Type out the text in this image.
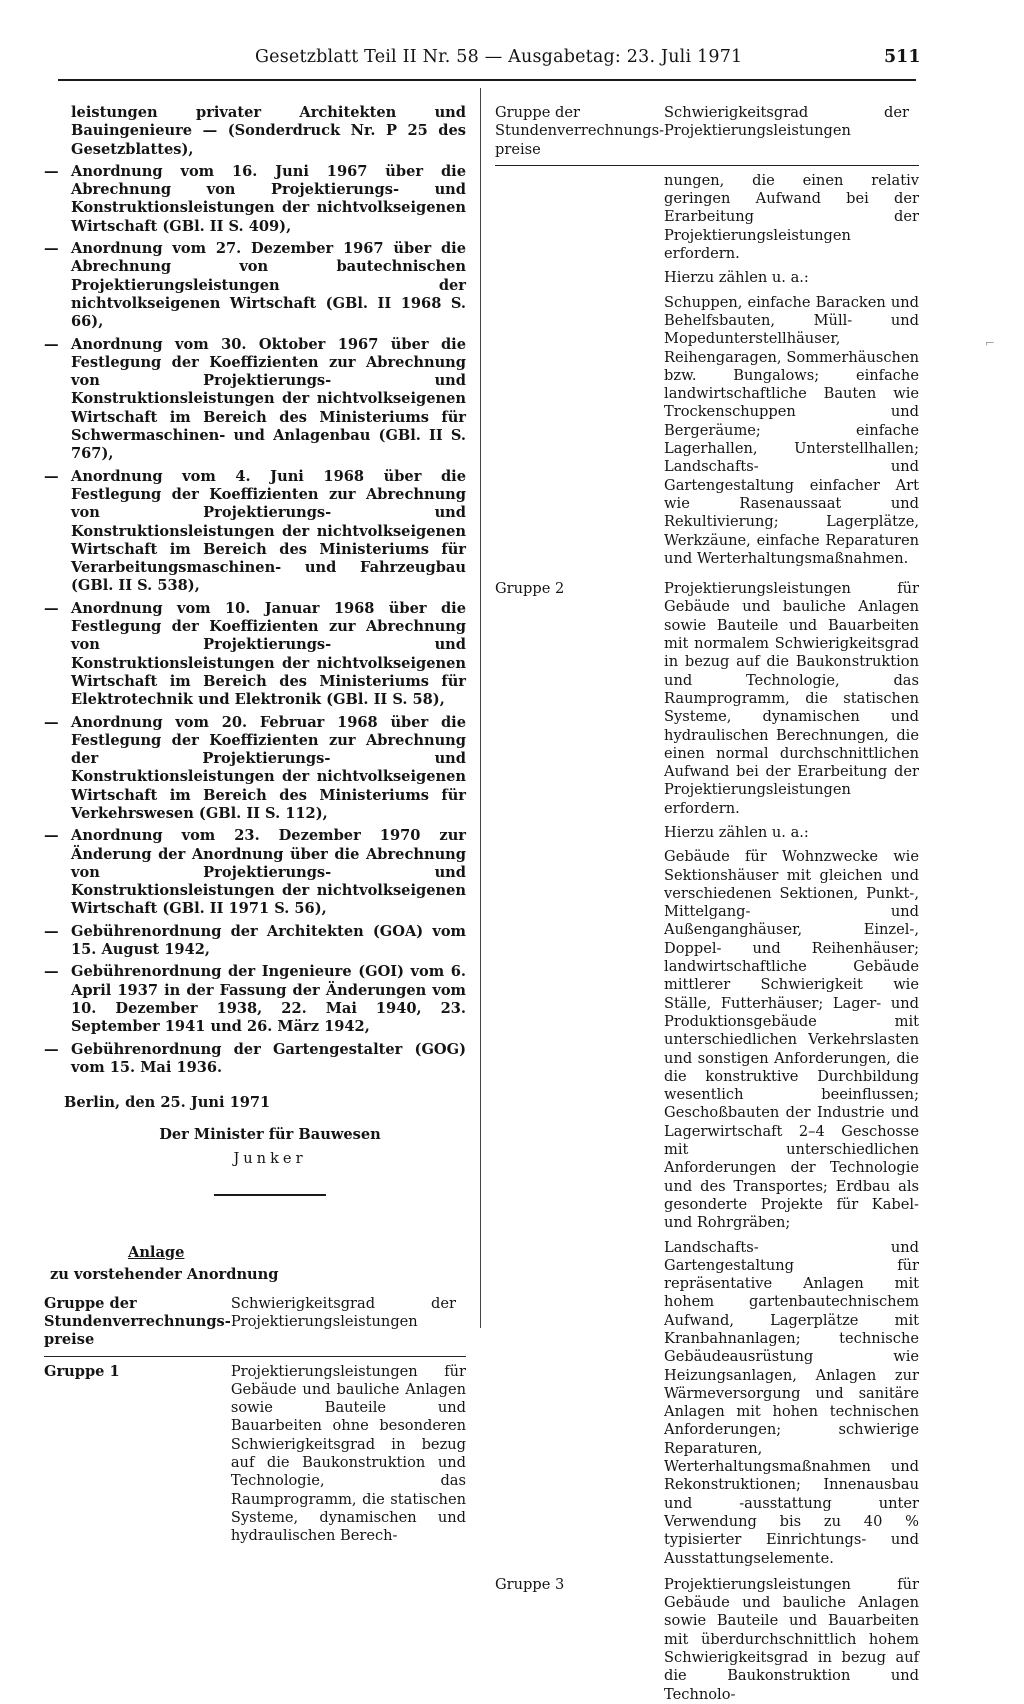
Gesetzblatt Teil II Nr. 58 — Ausgabetag: 23. Juli 1971	511
leistungen privater Architekten und Bauingenieure — (Sonderdruck Nr. P 25 des Gesetzblattes),
— Anordnung vom 16. Juni 1967 über die Abrechnung von Projektierungs- und Konstruktionsleistungen der nichtvolkseigenen Wirtschaft (GBl. II S. 409),
— Anordnung vom 27. Dezember 1967 über die Abrechnung von bautechnischen Projektierungsleistungen der nichtvolkseigenen Wirtschaft (GBl. II 1968 S. 66),
— Anordnung vom 30. Oktober 1967 über die Festlegung der Koeffizienten zur Abrechnung von Projektierungs- und Konstruktionsleistungen der nichtvolkseigenen Wirtschaft im Bereich des Ministeriums für Schwermaschinen- und Anlagenbau (GBl. II S. 767),
— Anordnung vom 4. Juni 1968 über die Festlegung der Koeffizienten zur Abrechnung von Projektierungs- und Konstruktionsleistungen der nichtvolkseigenen Wirtschaft im Bereich des Ministeriums für Verarbeitungsmaschinen- und Fahrzeugbau (GBl. II S. 538),
— Anordnung vom 10. Januar 1968 über die Festlegung der Koeffizienten zur Abrechnung von Projektierungs- und Konstruktionsleistungen der nichtvolkseigenen Wirtschaft im Bereich des Ministeriums für Elektrotechnik und Elektronik (GBl. II S. 58),
— Anordnung vom 20. Februar 1968 über die Festlegung der Koeffizienten zur Abrechnung der Projektierungs- und Konstruktionsleistungen der nichtvolkseigenen Wirtschaft im Bereich des Ministeriums für Verkehrswesen (GBl. II S. 112),
— Anordnung vom 23. Dezember 1970 zur Änderung der Anordnung über die Abrechnung von Projektierungs- und Konstruktionsleistungen der nichtvolkseigenen Wirtschaft (GBl. II 1971 S. 56),
— Gebührenordnung der Architekten (GOA) vom 15. August 1942,
— Gebührenordnung der Ingenieure (GOI) vom 6. April 1937 in der Fassung der Änderungen vom 10. Dezember 1938, 22. Mai 1940, 23. September 1941 und 26. März 1942,
— Gebührenordnung der Gartengestalter (GOG) vom 15. Mai 1936.
Berlin, den 25. Juni 1971
Der Minister für Bauwesen
Junker
Anlage
zu vorstehender Anordnung
Gruppe der Stundenverrechnungspreise	Schwierigkeitsgrad der Projektierungsleistungen
Gruppe 1	Projektierungsleistungen für Gebäude und bauliche Anlagen sowie Bauteile und Bauarbeiten ohne besonderen Schwierigkeitsgrad in bezug auf die Baukonstruktion und Technologie, das Raumprogramm, die statischen Systeme, dynamischen und hydraulischen Berech-
Gruppe der Stundenverrechnungspreise	Schwierigkeitsgrad der Projektierungsleistungen

	nungen, die einen relativ geringen Aufwand bei der Erarbeitung der Projektierungsleistungen erfordern.
Hierzu zählen u. a.:
Schuppen, einfache Baracken und Behelfsbauten, Müll- und Mopedunterstellhäuser, Reihengaragen, Sommerhäuschen bzw. Bungalows; einfache landwirtschaftliche Bauten wie Trockenschuppen und Bergeräume; einfache Lagerhallen, Unterstellhallen; Landschafts- und Gartengestaltung einfacher Art wie Rasenaussaat und Rekultivierung; Lagerplätze, Werkzäune, einfache Reparaturen und Werterhaltungsmaßnahmen.

Gruppe 2	Projektierungsleistungen für Gebäude und bauliche Anlagen sowie Bauteile und Bauarbeiten mit normalem Schwierigkeitsgrad in bezug auf die Baukonstruktion und Technologie, das Raumprogramm, die statischen Systeme, dynamischen und hydraulischen Berechnungen, die einen normal durchschnittlichen Aufwand bei der Erarbeitung der Projektierungsleistungen erfordern.
Hierzu zählen u. a.:
Gebäude für Wohnzwecke wie Sektionshäuser mit gleichen und verschiedenen Sektionen, Punkt-, Mittelgang- und Außenganghäuser, Einzel-, Doppel- und Reihenhäuser; landwirtschaftliche Gebäude mittlerer Schwierigkeit wie Ställe, Futterhäuser; Lager- und Produktionsgebäude mit unterschiedlichen Verkehrslasten und sonstigen Anforderungen, die die konstruktive Durchbildung wesentlich beeinflussen; Geschoßbauten der Industrie und Lagerwirtschaft 2–4 Geschosse mit unterschiedlichen Anforderungen der Technologie und des Transportes; Erdbau als gesonderte Projekte für Kabel- und Rohrgräben;
Landschafts- und Gartengestaltung für repräsentative Anlagen mit hohem gartenbautechnischem Aufwand, Lagerplätze mit Kranbahnanlagen; technische Gebäudeausrüstung wie Heizungsanlagen, Anlagen zur Wärmeversorgung und sanitäre Anlagen mit hohen technischen Anforderungen; schwierige Reparaturen, Werterhaltungsmaßnahmen und Rekonstruktionen; Innenausbau und -ausstattung unter Verwendung bis zu 40 % typisierter Einrichtungs- und Ausstattungselemente.

Gruppe 3	Projektierungsleistungen für Gebäude und bauliche Anlagen sowie Bauteile und Bauarbeiten mit überdurchschnittlich hohem Schwierigkeitsgrad in bezug auf die Baukonstruktion und Technolo-
⌐
